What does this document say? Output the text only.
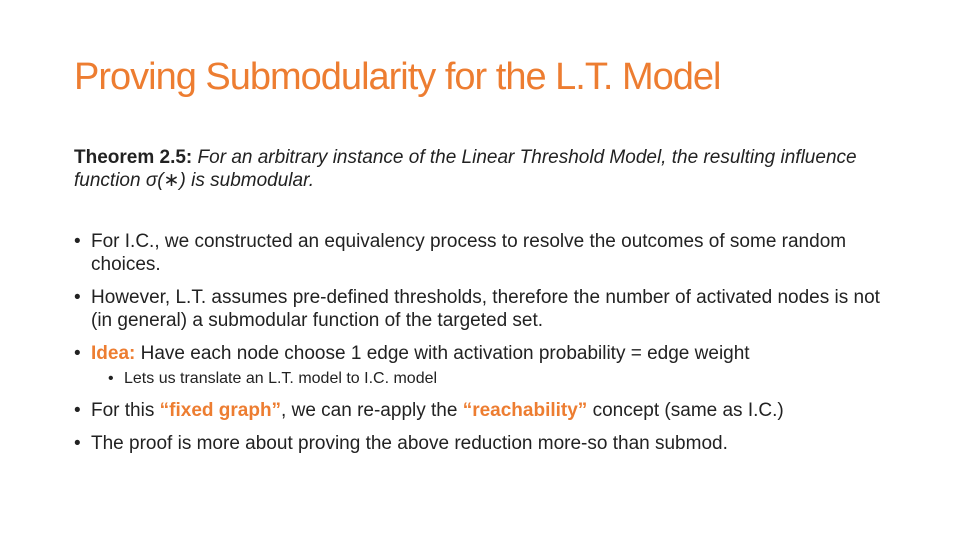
Proving Submodularity for the L.T. Model

Theorem 2.5: For an arbitrary instance of the Linear Threshold Model, the resulting influence function σ(∗) is submodular.

• For I.C., we constructed an equivalency process to resolve the outcomes of some random choices.
• However, L.T. assumes pre-defined thresholds, therefore the number of activated nodes is not (in general) a submodular function of the targeted set.
• Idea: Have each node choose 1 edge with activation probability = edge weight
• Lets us translate an L.T. model to I.C. model
• For this “fixed graph”, we can re-apply the “reachability” concept (same as I.C.)
• The proof is more about proving the above reduction more-so than submod.
